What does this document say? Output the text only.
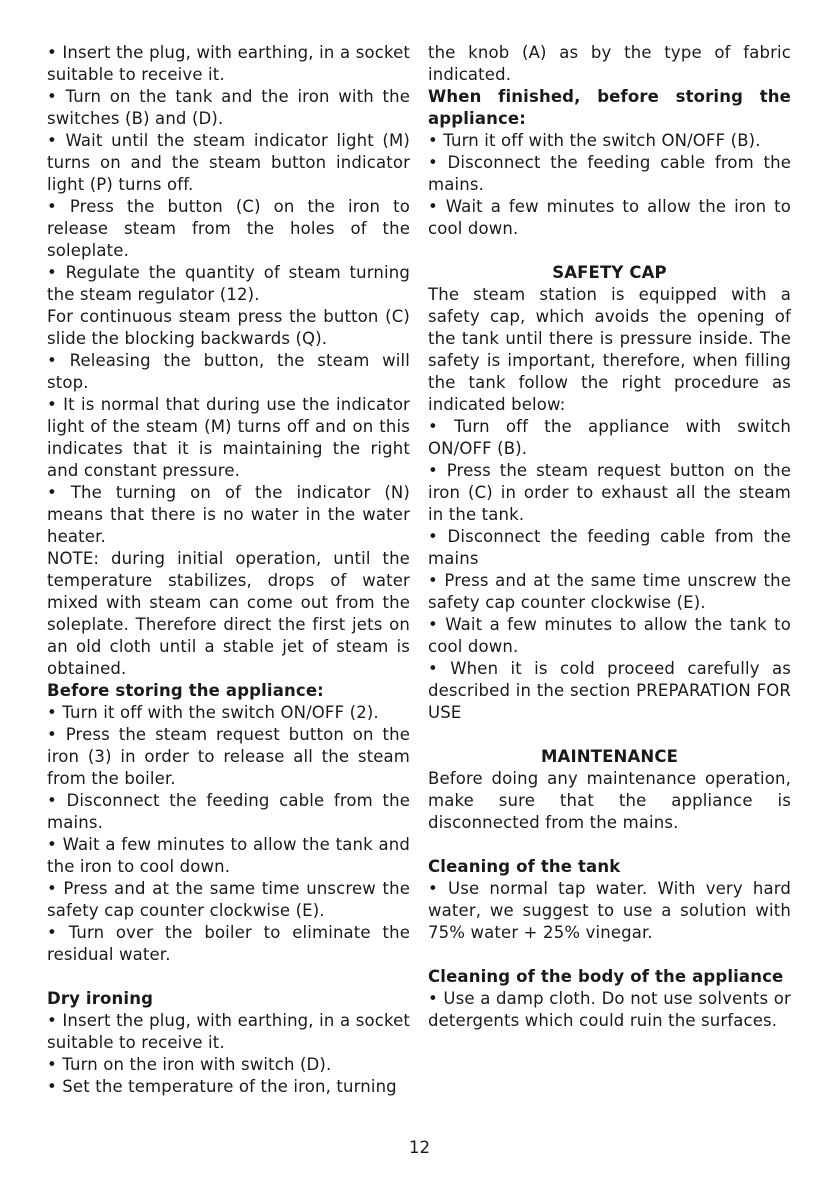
• Insert the plug, with earthing, in a socket suitable to receive it.

• Turn on the tank and the iron with the switches (B) and (D).

• Wait until the steam indicator light (M) turns on and the steam button indicator light (P) turns off.

• Press the button (C) on the iron to release steam from the holes of the soleplate.

• Regulate the quantity of steam turning the steam regulator (12).

For continuous steam press the button (C) slide the blocking backwards (Q).

• Releasing the button, the steam will stop.

• It is normal that during use the indicator light of the steam (M) turns off and on this indicates that it is maintaining the right and constant pressure.

• The turning on of the indicator (N) means that there is no water in the water heater.

NOTE: during initial operation, until the temperature stabilizes, drops of water mixed with steam can come out from the soleplate. Therefore direct the first jets on an old cloth until a stable jet of steam is obtained.

Before storing the appliance:

• Turn it off with the switch ON/OFF (2).

• Press the steam request button on the iron (3) in order to release all the steam from the boiler.

• Disconnect the feeding cable from the mains.

• Wait a few minutes to allow the tank and the iron to cool down.

• Press and at the same time unscrew the safety cap counter clockwise (E).

• Turn over the boiler to eliminate the residual water.

Dry ironing

• Insert the plug, with earthing, in a socket suitable to receive it.

• Turn on the iron with switch (D).

• Set the temperature of the iron, turning

the knob (A) as by the type of fabric indicated.

When finished, before storing the appliance:

• Turn it off with the switch ON/OFF (B).

• Disconnect the feeding cable from the mains.

• Wait a few minutes to allow the iron to cool down.

SAFETY CAP

The steam station is equipped with a safety cap, which avoids the opening of the tank until there is pressure inside. The safety is important, therefore, when filling the tank follow the right procedure as indicated below:

• Turn off the appliance with switch ON/OFF (B).

• Press the steam request button on the iron (C) in order to exhaust all the steam in the tank.

• Disconnect the feeding cable from the mains

• Press and at the same time unscrew the safety cap counter clockwise (E).

• Wait a few minutes to allow the tank to cool down.

• When it is cold proceed carefully as described in the section PREPARATION FOR USE

MAINTENANCE

Before doing any maintenance operation, make sure that the appliance is disconnected from the mains.

Cleaning of the tank

• Use normal tap water. With very hard water, we suggest to use a solution with 75% water + 25% vinegar.

Cleaning of the body of the appliance

• Use a damp cloth. Do not use solvents or detergents which could ruin the surfaces.

12
